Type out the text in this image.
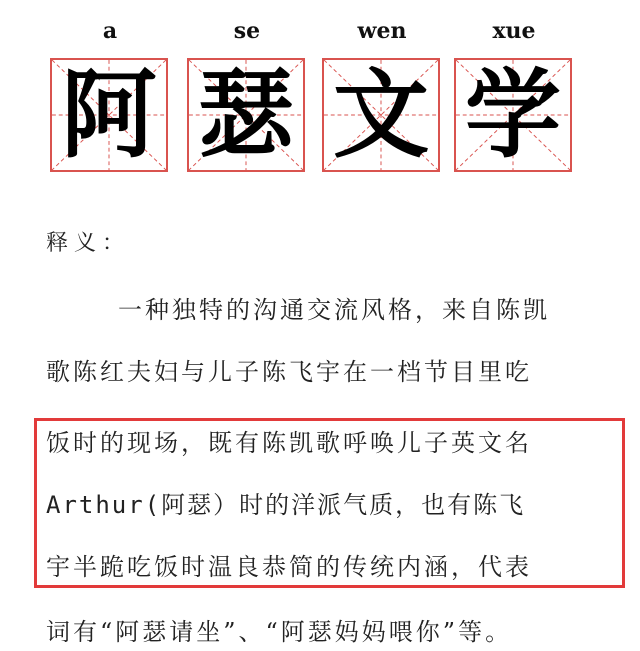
a
阿
se
瑟
wen
文
xue
学
释义：
一种独特的沟通交流风格，来自陈凯
歌陈红夫妇与儿子陈飞宇在一档节目里吃
饭时的现场，既有陈凯歌呼唤儿子英文名
Arthur(阿瑟）时的洋派气质，也有陈飞
宇半跪吃饭时温良恭简的传统内涵，代表
词有“阿瑟请坐”、“阿瑟妈妈喂你”等。
